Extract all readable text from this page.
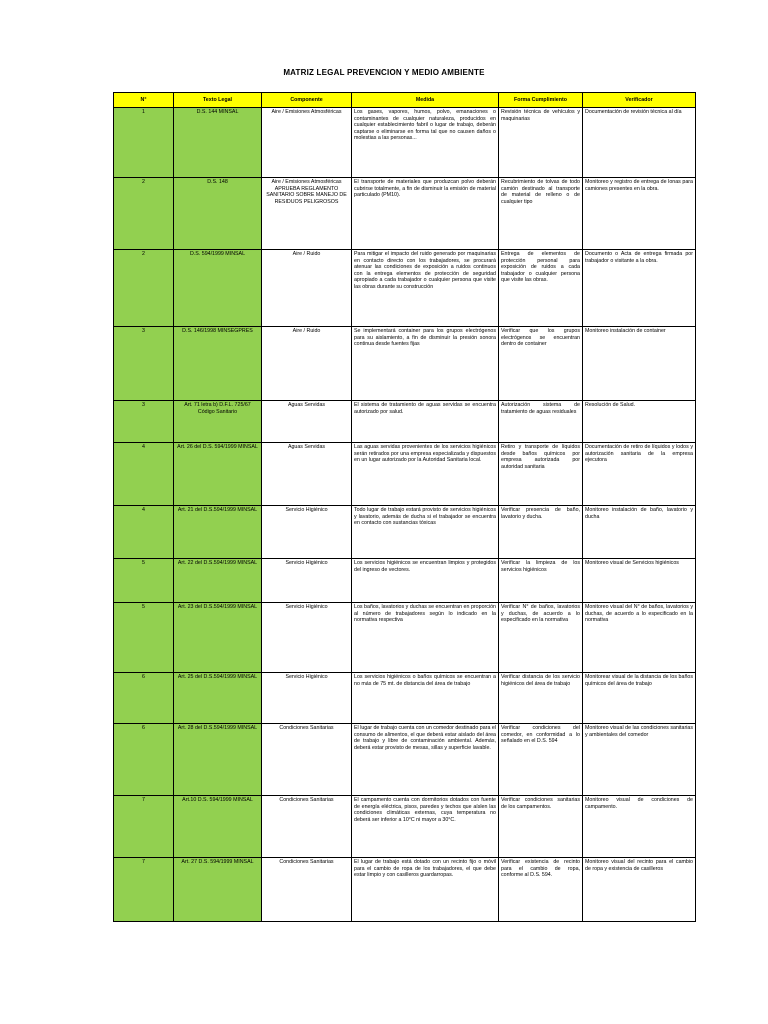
MATRIZ LEGAL PREVENCION Y MEDIO AMBIENTE
N°	Texto Legal	Componente	Medida	Forma Cumplimiento	Verificador
1	D.S. 144 MINSAL	Aire / Emisiones Atmosféricas	Los gases, vapores, humos, polvo, emanaciones o contaminantes de cualquier naturaleza, producidos en cualquier establecimiento fabril o lugar de trabajo, deberán captarse o eliminarse en forma tal que no causen daños o molestias a las personas...	Revisión técnica de vehículos y maquinarias	Documentación de revisión técnica al día
2	D.S. 148	Aire / Emisiones Atmosféricas APRUEBA REGLAMENTO SANITARIO SOBRE MANEJO DE RESIDUOS PELIGROSOS	El transporte de materiales que produzcan polvo deberán cubrirse totalmente, a fin de disminuir la emisión de material particulado (PM10).	Recubrimiento de tolvas de todo camión destinado al transporte de material de relleno o de cualquier tipo	Monitoreo y registro de entrega de lonas para camiones presentes en la obra.
2	D.S. 594/1999 MINSAL	Aire / Ruido	Para mitigar el impacto del ruido generado por maquinarias en contacto directo con los trabajadores, se procurará atenuar las condiciones de exposición a ruidos continuos con la entrega elementos de protección de seguridad apropiado a cada trabajador o cualquier persona que visite las obras durante su construcción	Entrega de elementos de protección personal para exposición de ruidos a cada trabajador o cualquier persona que visite las obras.	Documento o Acta de entrega firmada por trabajador o visitante a la obra.
3	D.S. 146/1998 MINSEGPRES	Aire / Ruido	Se implementará container para los grupos electrógenos para su aislamiento, a fin de disminuir la presión sonora continua desde fuentes fijas	Verificar que los grupos electrógenos se encuentran dentro de container	Monitoreo instalación de container
3	Art. 71 letra b) D.F.L. 725/67 Código Sanitario	Aguas Servidas	El sistema de tratamiento de aguas servidas se encuentra autorizado por salud.	Autorización sistema de tratamiento de aguas residuales	Resolución de Salud.
4	Art. 26 del D.S. 594/1999 MINSAL	Aguas Servidas	Las aguas servidas provenientes de los servicios higiénicos serán retirados por una empresa especializada y dispuestos en un lugar autorizado por la Autoridad Sanitaria local.	Retiro y transporte de líquidos desde baños químicos por empresa autorizada por autoridad sanitaria	Documentación de retiro de líquidos y lodos y autorización sanitaria de la empresa ejecutora
4	Art. 21 del D.S.594/1999 MINSAL	Servicio Higiénico	Todo lugar de trabajo estará provisto de servicios higiénicos y lavatorio, además de ducha si el trabajador se encuentra en contacto con sustancias tóxicas	Verificar presencia de baño, lavatorio y ducha.	Monitoreo instalación de baño, lavatorio y ducha
5	Art. 22 del D.S.594/1999 MINSAL	Servicio Higiénico	Los servicios higiénicos se encuentran limpios y protegidos del ingreso de vectores.	Verificar la limpieza de los servicios higiénicos	Monitoreo visual de Servicios higiénicos
5	Art. 23 del D.S.594/1999 MINSAL	Servicio Higiénico	Los baños, lavatorios y duchas se encuentran en proporción al número de trabajadores según lo indicado en la normativa respectiva	Verificar N° de baños, lavatorios y duchas, de acuerdo a lo especificado en la normativa	Monitoreo visual del N° de baños, lavatorios y duchas, de acuerdo a lo especificado en la normativa
6	Art. 25 del D.S.594/1999 MINSAL	Servicio Higiénico	Los servicios higiénicos o baños químicos se encuentran a no más de 75 mt. de distancia del área de trabajo	Verificar distancia de los servicio higiénicos del área de trabajo	Monitorear visual de la distancia de los baños químicos del área de trabajo
6	Art. 28 del D.S.594/1999 MINSAL	Condiciones Sanitarias	El lugar de trabajo cuenta con un comedor destinado para el consumo de alimentos, el que deberá estar aislado del área de trabajo y libre de contaminación ambiental. Además, deberá estar provisto de mesas, sillas y superficie lavable.	Verificar condiciones del comedor, en conformidad a lo señalado en el D.S. 594	Monitoreo visual de las condiciones sanitarias y ambientales del comedor
7	Art.10 D.S. 594/1999 MINSAL	Condiciones Sanitarias	El campamento cuenta con dormitorios dotados con fuente de energía eléctrica, pisos, paredes y techos que aíslen las condiciones climáticas externas, cuya temperatura no deberá ser inferior a 10°C ni mayor a 30°C.	Verificar condiciones sanitarias de los campamentos.	Monitoreo visual de condiciones de campamento.
7	Art. 27 D.S. 594/1999 MINSAL	Condiciones Sanitarias	El lugar de trabajo está dotado con un recinto fijo o móvil para el cambio de ropa de los trabajadores, el que debe estar limpio y con casilleros guardarropas.	Verificar existencia de recinto para el cambio de ropa, conforme al D.S. 594.	Monitoreo visual del recinto para el cambio de ropa y existencia de casilleros
